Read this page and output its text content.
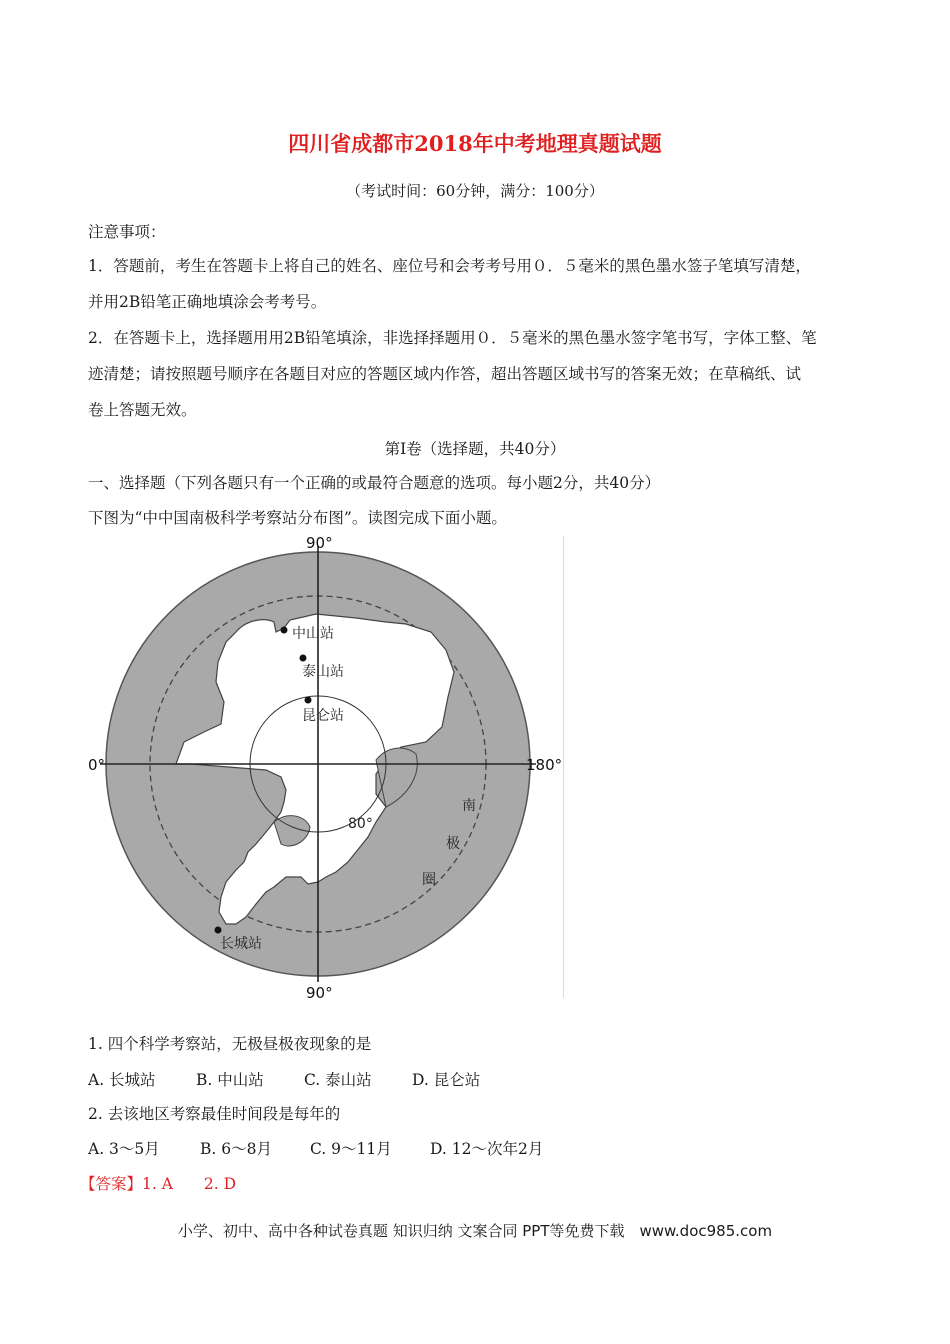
四川省成都市2018年中考地理真题试题
（考试时间：60分钟，满分：100分）
注意事项：
1．答题前，考生在答题卡上将自己的姓名、座位号和会考考号用０．５毫米的黑色墨水签子笔填写清楚，
并用2B铅笔正确地填涂会考考号。
2．在答题卡上，选择题用用2B铅笔填涂，非选择择题用０．５毫米的黑色墨水签字笔书写，字体工整、笔
迹清楚；请按照题号顺序在各题目对应的答题区域内作答，超出答题区域书写的答案无效；在草稿纸、试
卷上答题无效。
第Ⅰ卷（选择题，共40分）
一、选择题（下列各题只有一个正确的或最符合题意的选项。每小题2分，共40分）
下图为“中中国南极科学考察站分布图”。读图完成下面小题。
90°
90°
0°	180°
80°
中山站
泰山站
昆仑站
长城站
南
极
圈
1. 四个科学考察站，无极昼极夜现象的是
A. 长城站	B. 中山站	C. 泰山站	D. 昆仑站
2. 去该地区考察最佳时间段是每年的
A. 3～5月	B. 6～8月 C. 9～11月 D. 12～次年2月
【答案】1. A　　2. D
小学、初中、高中各种试卷真题 知识归纳 文案合同 PPT等免费下载　www.doc985.com
